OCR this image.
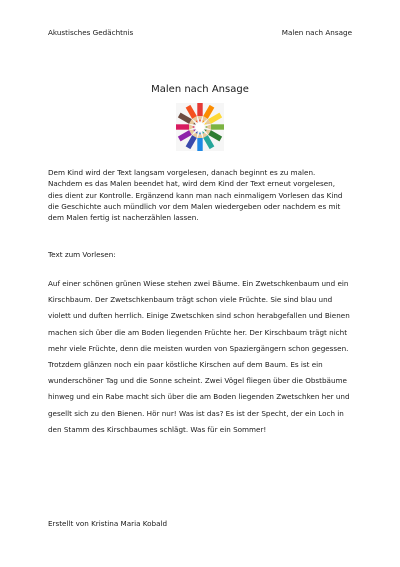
Akustisches Gedächtnis	Malen nach Ansage
Malen nach Ansage

Dem Kind wird der Text langsam vorgelesen, danach beginnt es zu malen.

Nachdem es das Malen beendet hat, wird dem Kind der Text erneut vorgelesen,

dies dient zur Kontrolle. Ergänzend kann man nach einmaligem Vorlesen das Kind

die Geschichte auch mündlich vor dem Malen wiedergeben oder nachdem es mit

dem Malen fertig ist nacherzählen lassen.

Text zum Vorlesen:

Auf einer schönen grünen Wiese stehen zwei Bäume. Ein Zwetschkenbaum und ein

Kirschbaum. Der Zwetschkenbaum trägt schon viele Früchte. Sie sind blau und

violett und duften herrlich. Einige Zwetschken sind schon herabgefallen und Bienen

machen sich über die am Boden liegenden Früchte her. Der Kirschbaum trägt nicht

mehr viele Früchte, denn die meisten wurden von Spaziergängern schon gegessen.

Trotzdem glänzen noch ein paar köstliche Kirschen auf dem Baum. Es ist ein

wunderschöner Tag und die Sonne scheint. Zwei Vögel fliegen über die Obstbäume

hinweg und ein Rabe macht sich über die am Boden liegenden Zwetschken her und

gesellt sich zu den Bienen. Hör nur! Was ist das? Es ist der Specht, der ein Loch in

den Stamm des Kirschbaumes schlägt. Was für ein Sommer!

Erstellt von Kristina Maria Kobald
